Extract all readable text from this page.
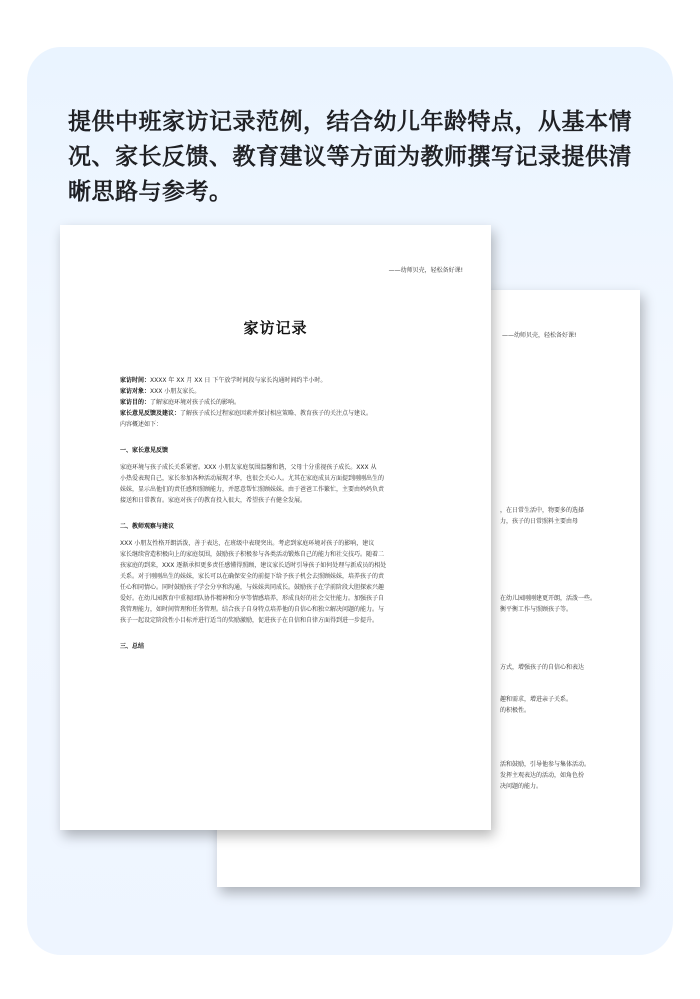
提供中班家访记录范例，结合幼儿年龄特点，从基本情况、家长反馈、教育建议等方面为教师撰写记录提供清晰思路与参考。
——幼师贝壳，轻松备好课!
，在日常生活中，物要多的选择
力，孩子的日常照料主要由母
在幼儿园刚刚建更开朗，活泼一些。
衡平衡工作与照顾孩子等。
方式，增强孩子的自信心和表达
趣和需求，增进亲子关系。
的积极性。
活和鼓励，引导他参与集体活动。
发挥主观表达的活动，如角色扮
决问题的能力。
——幼师贝壳，轻松备好课!
家访记录
家访时间：XXXX 年 XX 月 XX 日 下午放学时间段与家长沟通时间约半小时。
家访对象：XXX 小朋友家长。
家访目的：了解家庭环境对孩子成长的影响。
家长意见反馈及建议：了解孩子成长过程家庭因素并探讨相应策略、教育孩子的关注点与建议。
内容概述如下：
一、家长意见反馈
家庭环境与孩子成长关系紧密。XXX 小朋友家庭氛围温馨和谐，父母十分重视孩子成长。XXX 从
小热爱表现自己，家长参加各种活动展现才华，也很会关心人。尤其在家庭成员方面提到刚刚出生的
妹妹，显示出他们的责任感和照顾能力，并愿意帮忙照顾妹妹。由于爸爸工作繁忙，主要由妈妈负责
接送和日常教育。家庭对孩子的教育投入很大，希望孩子有健全发展。
二、教师观察与建议
XXX 小朋友性格开朗活泼，善于表达，在班级中表现突出。考虑到家庭环境对孩子的影响，建议
家长继续营造积极向上的家庭氛围，鼓励孩子积极参与各类活动锻炼自己的能力和社交技巧。随着二
孩家庭的到来，XXX 逐渐承担更多责任感懂得照顾，建议家长适时引导孩子如何处理与新成员的相处
关系。对于刚刚出生的妹妹，家长可以在确保安全的前提下给予孩子机会去照顾妹妹，培养孩子的责
任心和同情心。同时鼓励孩子学会分享和沟通，与妹妹共同成长。鼓励孩子在学前阶段大胆探索兴趣
爱好。在幼儿园教育中重视团队协作精神和分享等情感培养，形成良好的社会交往能力。加强孩子自
我管理能力，如时间管理和任务管理。结合孩子自身特点培养他的自信心和独立解决问题的能力。与
孩子一起设定阶段性小目标并进行适当的奖励激励，促进孩子在自信和自律方面得到进一步提升。
三、总结
